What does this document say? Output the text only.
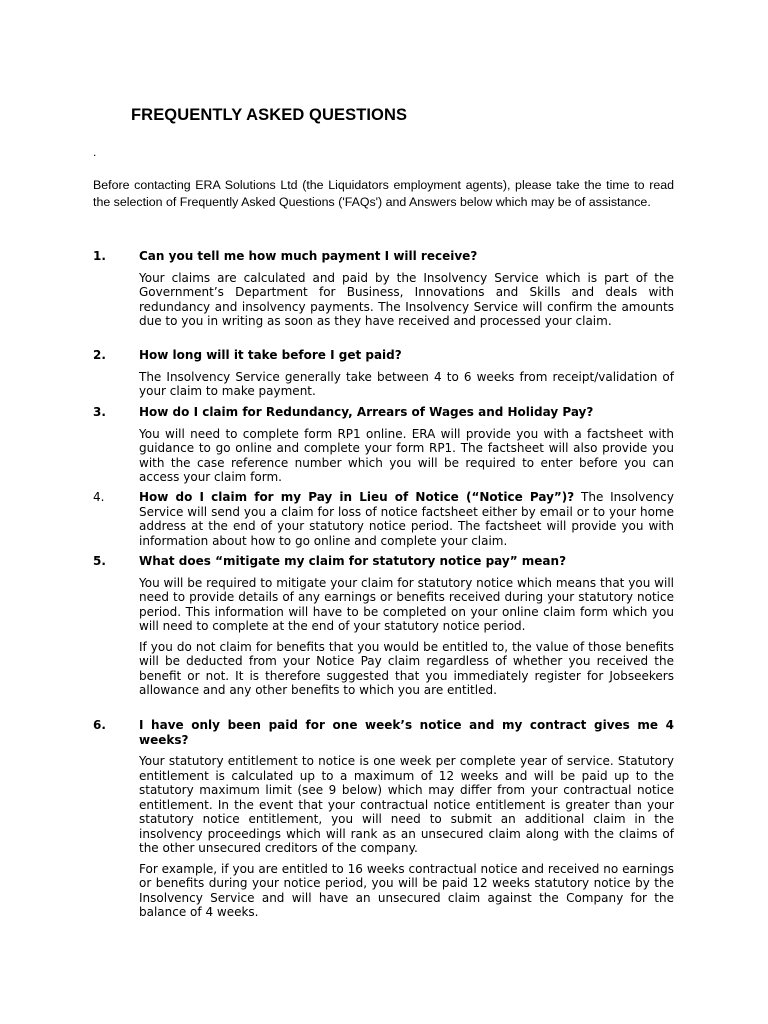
FREQUENTLY ASKED QUESTIONS
.
Before contacting ERA Solutions Ltd (the Liquidators employment agents), please take the time to read the selection of Frequently Asked Questions ('FAQs') and Answers below which may be of assistance.
1.	Can you tell me how much payment I will receive?
Your claims are calculated and paid by the Insolvency Service which is part of the Government’s Department for Business, Innovations and Skills and deals with redundancy and insolvency payments. The Insolvency Service will confirm the amounts due to you in writing as soon as they have received and processed your claim.
2.	How long will it take before I get paid?
The Insolvency Service generally take between 4 to 6 weeks from receipt/validation of your claim to make payment.
3.	How do I claim for Redundancy, Arrears of Wages and Holiday Pay?
You will need to complete form RP1 online. ERA will provide you with a factsheet with guidance to go online and complete your form RP1. The factsheet will also provide you with the case reference number which you will be required to enter before you can access your claim form.
4.	How do I claim for my Pay in Lieu of Notice (“Notice Pay”)? The Insolvency Service will send you a claim for loss of notice factsheet either by email or to your home address at the end of your statutory notice period. The factsheet will provide you with information about how to go online and complete your claim.
5.	What does “mitigate my claim for statutory notice pay” mean?
You will be required to mitigate your claim for statutory notice which means that you will need to provide details of any earnings or benefits received during your statutory notice period. This information will have to be completed on your online claim form which you will need to complete at the end of your statutory notice period.
If you do not claim for benefits that you would be entitled to, the value of those benefits will be deducted from your Notice Pay claim regardless of whether you received the benefit or not. It is therefore suggested that you immediately register for Jobseekers allowance and any other benefits to which you are entitled.
6.	I have only been paid for one week’s notice and my contract gives me 4 weeks?
Your statutory entitlement to notice is one week per complete year of service. Statutory entitlement is calculated up to a maximum of 12 weeks and will be paid up to the statutory maximum limit (see 9 below) which may differ from your contractual notice entitlement. In the event that your contractual notice entitlement is greater than your statutory notice entitlement, you will need to submit an additional claim in the insolvency proceedings which will rank as an unsecured claim along with the claims of the other unsecured creditors of the company.
For example, if you are entitled to 16 weeks contractual notice and received no earnings or benefits during your notice period, you will be paid 12 weeks statutory notice by the Insolvency Service and will have an unsecured claim against the Company for the balance of 4 weeks.
